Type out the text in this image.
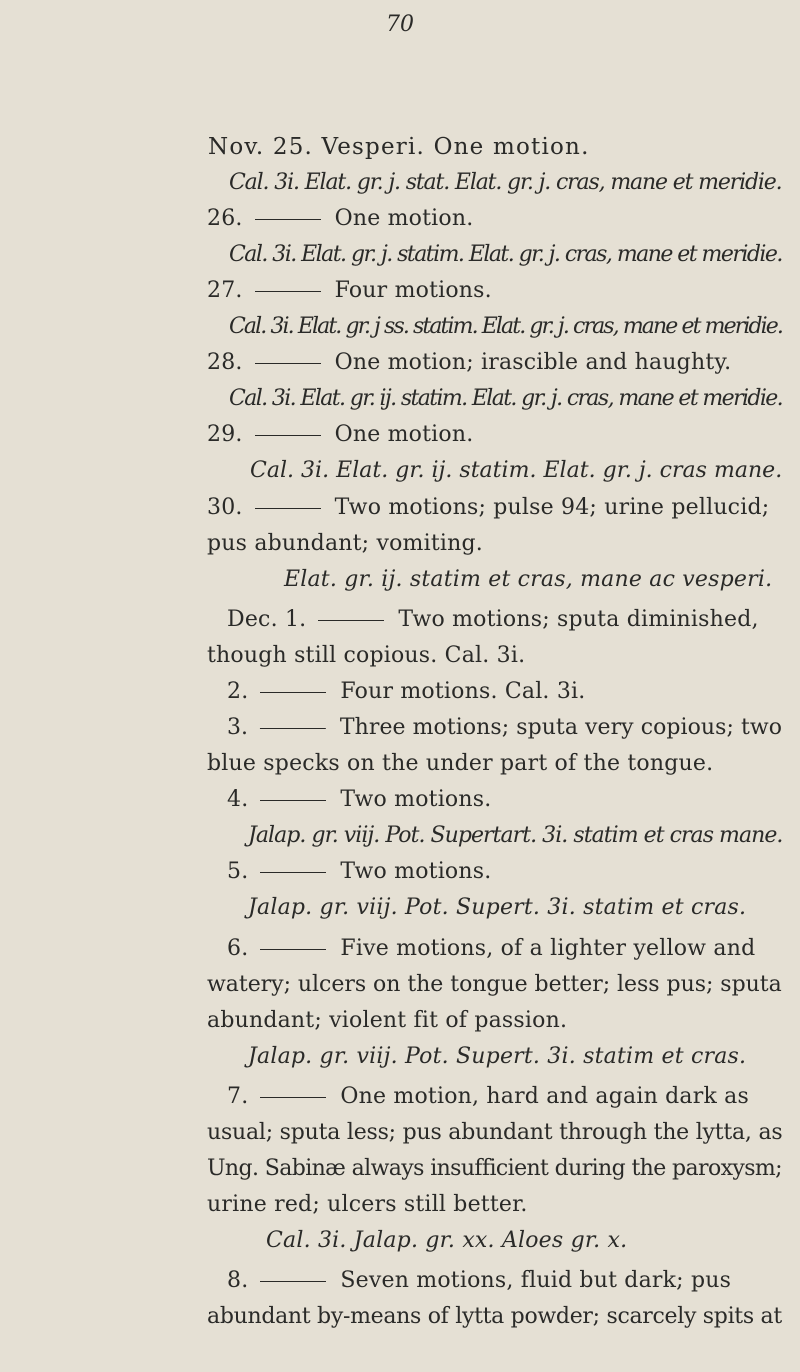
70
Nov. 25. Vesperi. One motion.
Cal. 3i. Elat. gr. j. stat. Elat. gr. j. cras, mane et meridie.
26.	One motion.
Cal. 3i. Elat. gr. j. statim. Elat. gr. j. cras, mane et meridie.
27.	Four motions.
Cal. 3i. Elat. gr. j ss. statim. Elat. gr. j. cras, mane et meridie.
28.	One motion; irascible and haughty.
Cal. 3i. Elat. gr. ij. statim. Elat. gr. j. cras, mane et meridie.
29.	One motion.
Cal. 3i. Elat. gr. ij. statim. Elat. gr. j. cras mane.
30.	Two motions; pulse 94; urine pellucid;
pus abundant; vomiting.
Elat. gr. ij. statim et cras, mane ac vesperi.
Dec. 1.	Two motions; sputa diminished,
though still copious. Cal. 3i.
2.	Four motions. Cal. 3i.
3.	Three motions; sputa very copious; two
blue specks on the under part of the tongue.
4.	Two motions.
Jalap. gr. viij. Pot. Supertart. 3i. statim et cras mane.
5.	Two motions.
Jalap. gr. viij. Pot. Supert. 3i. statim et cras.
6.	Five motions, of a lighter yellow and
watery; ulcers on the tongue better; less pus; sputa
abundant; violent fit of passion.
Jalap. gr. viij. Pot. Supert. 3i. statim et cras.
7.	One motion, hard and again dark as
usual; sputa less; pus abundant through the lytta, as
Ung. Sabinæ always insufficient during the paroxysm;
urine red; ulcers still better.
Cal. 3i. Jalap. gr. xx. Aloes gr. x.
8.	Seven motions, fluid but dark; pus
abundant by-means of lytta powder; scarcely spits at
